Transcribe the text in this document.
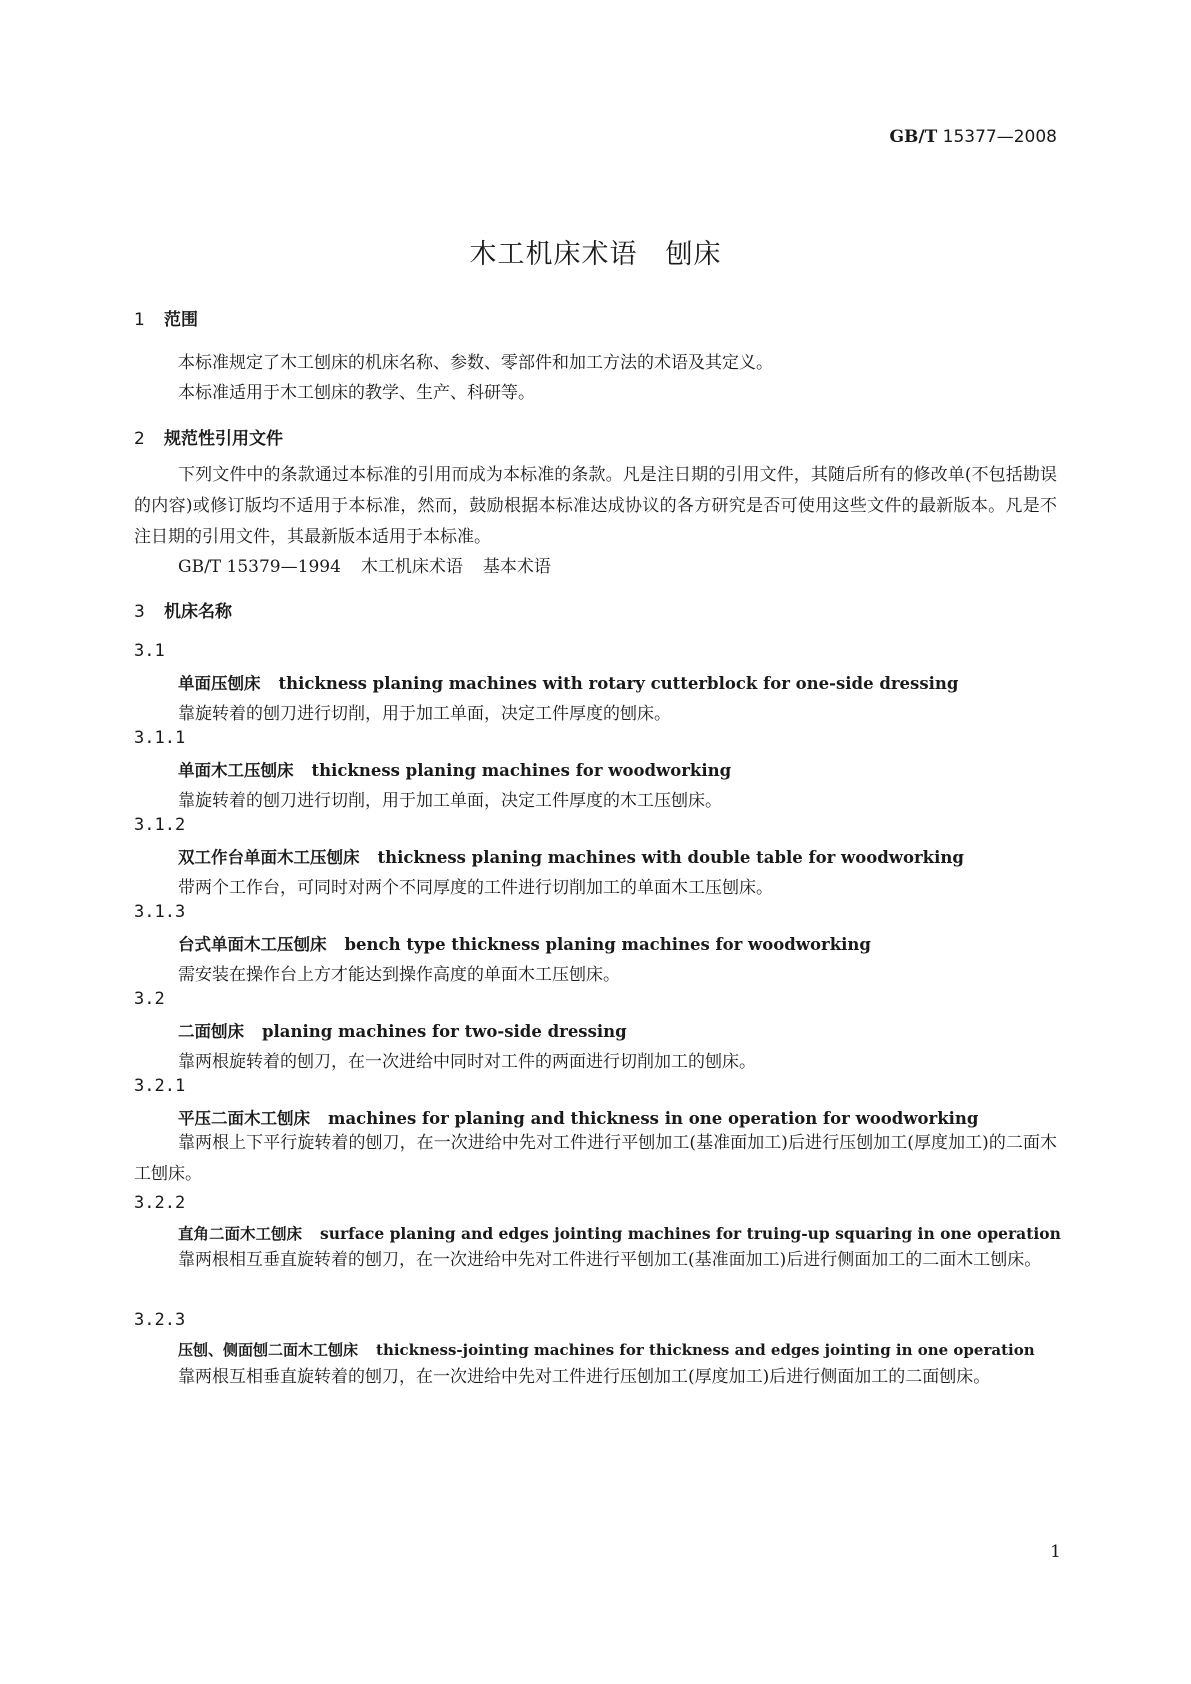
GB/T 15377—2008
木工机床术语 刨床
1 范围
本标准规定了木工刨床的机床名称、参数、零部件和加工方法的术语及其定义。
本标准适用于木工刨床的教学、生产、科研等。
2 规范性引用文件
下列文件中的条款通过本标准的引用而成为本标准的条款。凡是注日期的引用文件，其随后所有的修改单(不包括勘误的内容)或修订版均不适用于本标准，然而，鼓励根据本标准达成协议的各方研究是否可使用这些文件的最新版本。凡是不注日期的引用文件，其最新版本适用于本标准。
GB/T 15379—1994 木工机床术语 基本术语
3 机床名称
3.1
单面压刨床 thickness planing machines with rotary cutterblock for one-side dressing
靠旋转着的刨刀进行切削，用于加工单面，决定工件厚度的刨床。
3.1.1
单面木工压刨床 thickness planing machines for woodworking
靠旋转着的刨刀进行切削，用于加工单面，决定工件厚度的木工压刨床。
3.1.2
双工作台单面木工压刨床 thickness planing machines with double table for woodworking
带两个工作台，可同时对两个不同厚度的工件进行切削加工的单面木工压刨床。
3.1.3
台式单面木工压刨床 bench type thickness planing machines for woodworking
需安装在操作台上方才能达到操作高度的单面木工压刨床。
3.2
二面刨床 planing machines for two-side dressing
靠两根旋转着的刨刀，在一次进给中同时对工件的两面进行切削加工的刨床。
3.2.1
平压二面木工刨床 machines for planing and thickness in one operation for woodworking
靠两根上下平行旋转着的刨刀，在一次进给中先对工件进行平刨加工(基准面加工)后进行压刨加工(厚度加工)的二面木工刨床。
3.2.2
直角二面木工刨床 surface planing and edges jointing machines for truing-up squaring in one operation
靠两根相互垂直旋转着的刨刀，在一次进给中先对工件进行平刨加工(基准面加工)后进行侧面加工的二面木工刨床。
3.2.3
压刨、侧面刨二面木工刨床 thickness-jointing machines for thickness and edges jointing in one operation
靠两根互相垂直旋转着的刨刀，在一次进给中先对工件进行压刨加工(厚度加工)后进行侧面加工的二面刨床。
1
